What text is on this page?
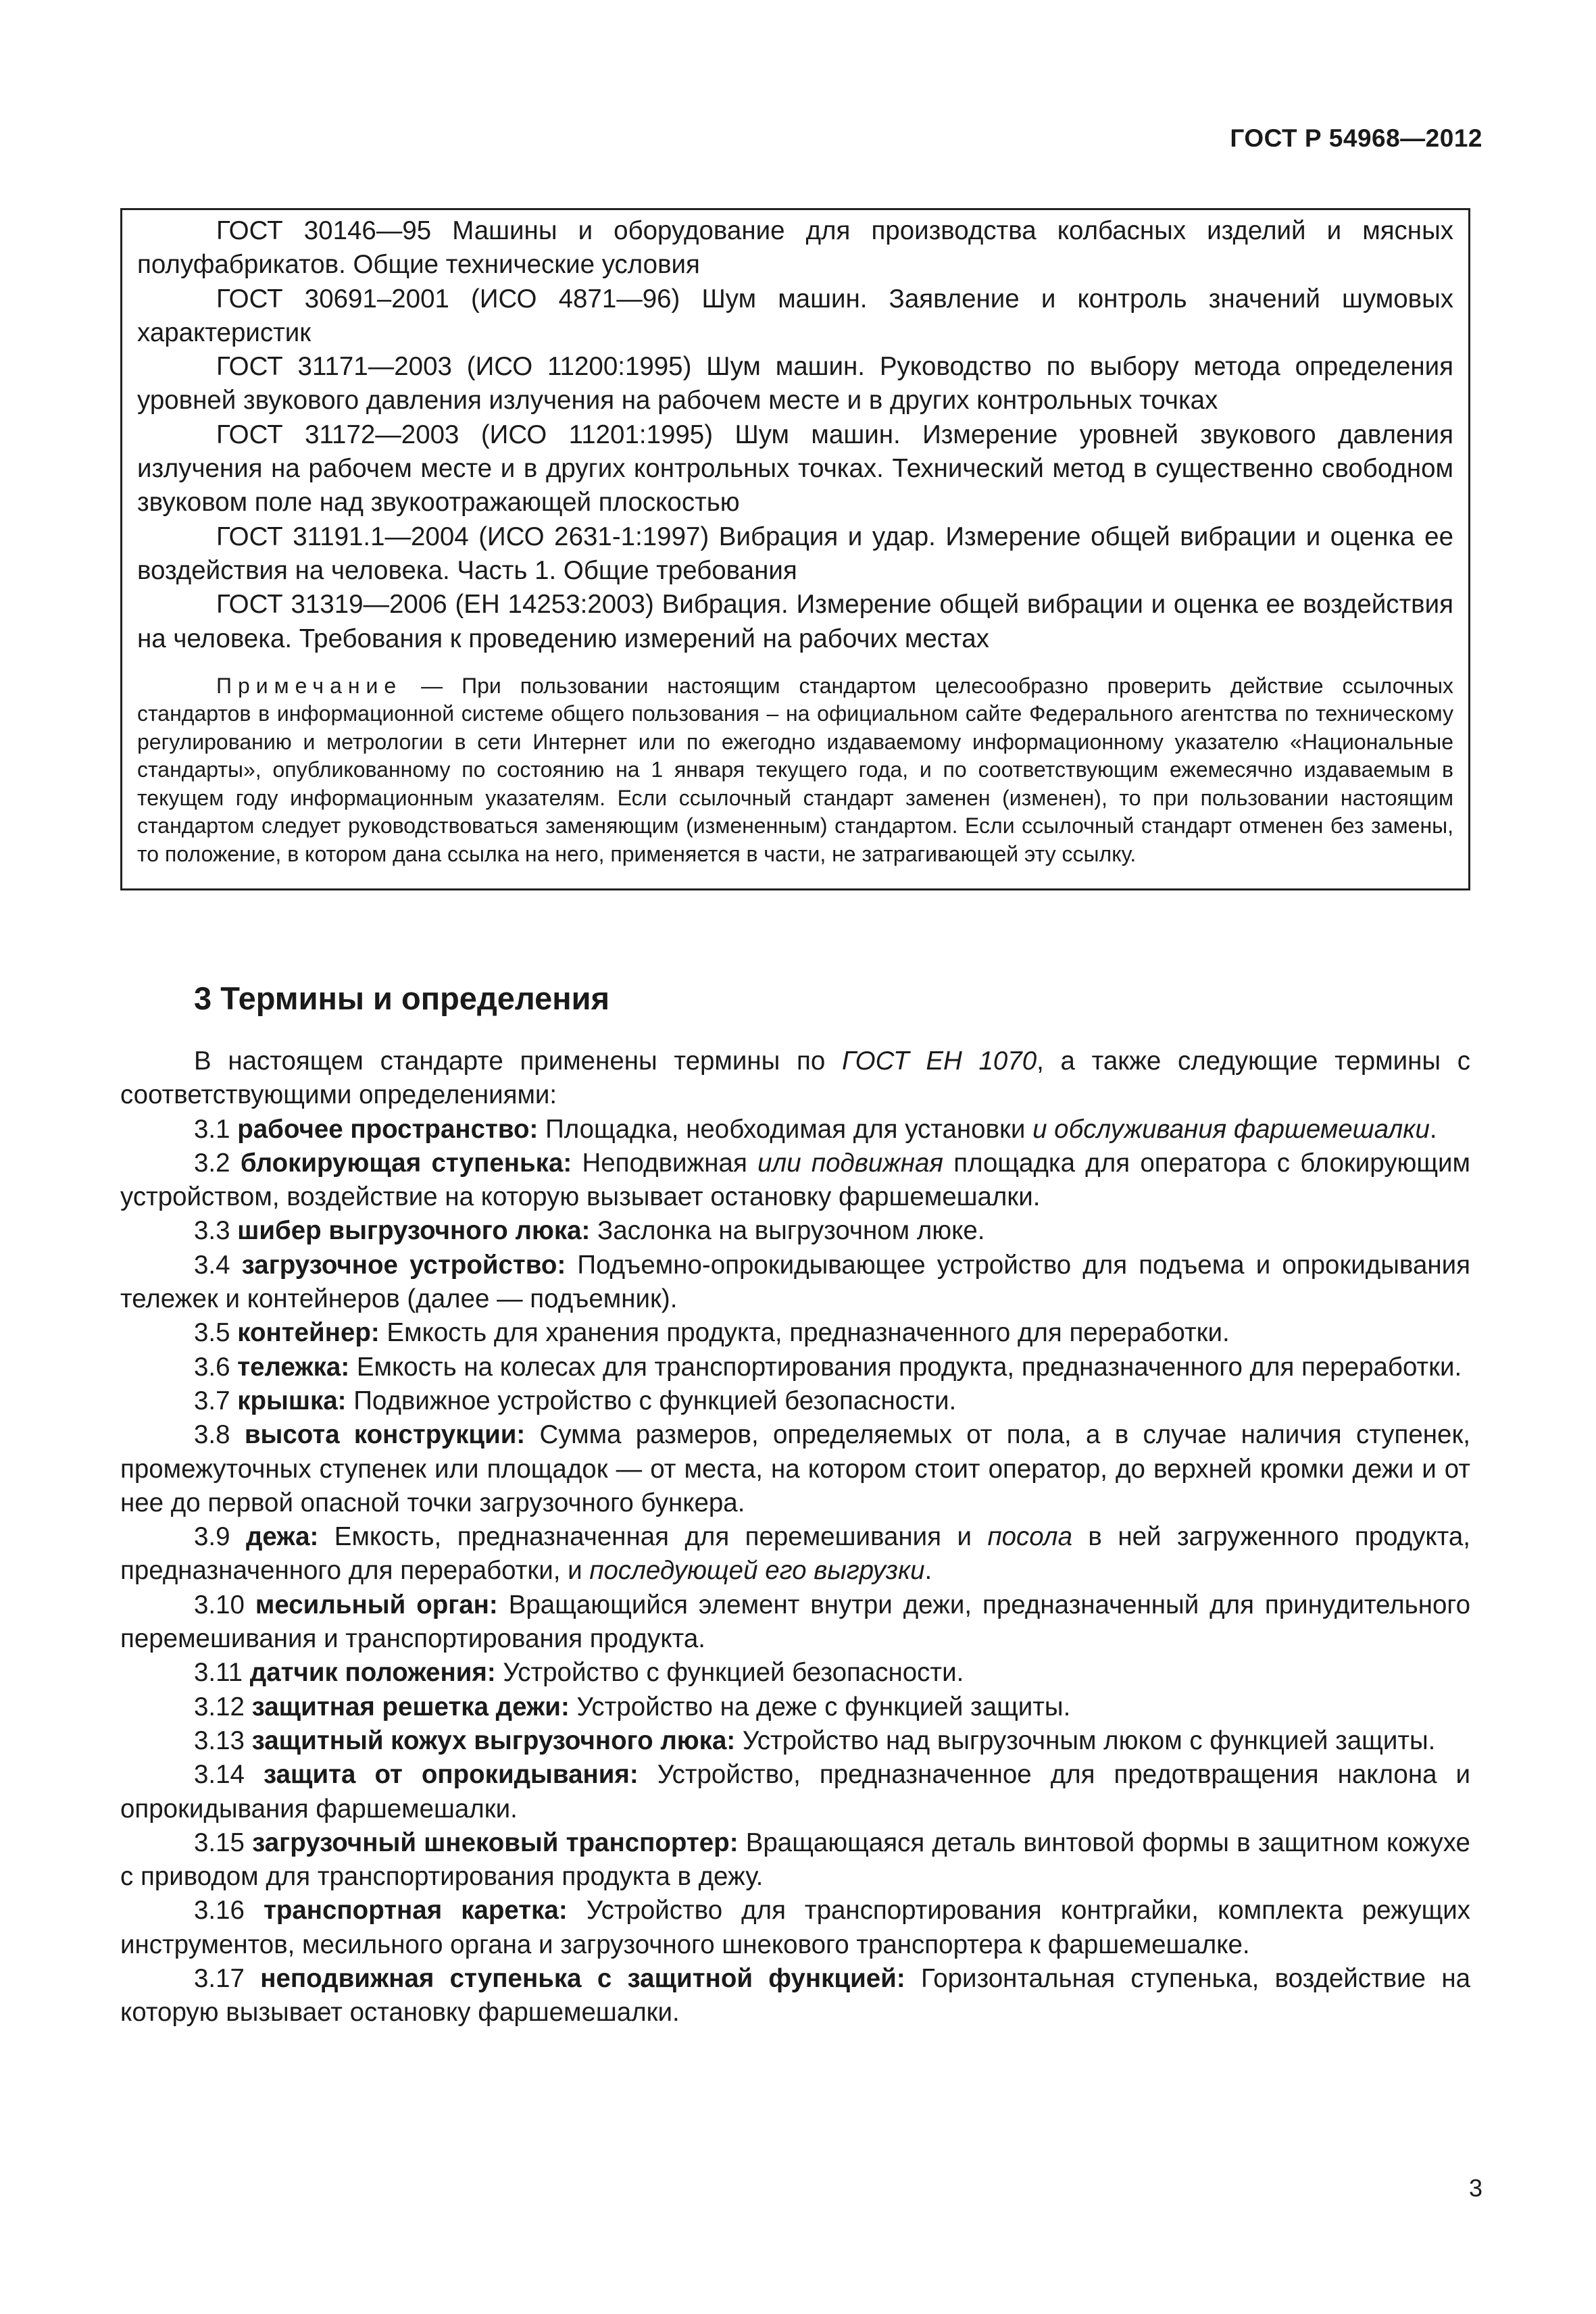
ГОСТ Р 54968—2012

ГОСТ 30146—95 Машины и оборудование для производства колбасных изделий и мясных полуфабрикатов. Общие технические условия

ГОСТ 30691–2001 (ИСО 4871—96) Шум машин. Заявление и контроль значений шумовых характеристик

ГОСТ 31171—2003 (ИСО 11200:1995) Шум машин. Руководство по выбору метода определения уровней звукового давления излучения на рабочем месте и в других контрольных точках

ГОСТ 31172—2003 (ИСО 11201:1995) Шум машин. Измерение уровней звукового давления излучения на рабочем месте и в других контрольных точках. Технический метод в существенно свободном звуковом поле над звукоотражающей плоскостью

ГОСТ 31191.1—2004 (ИСО 2631-1:1997) Вибрация и удар. Измерение общей вибрации и оценка ее воздействия на человека. Часть 1. Общие требования

ГОСТ 31319—2006 (ЕН 14253:2003) Вибрация. Измерение общей вибрации и оценка ее воздействия на человека. Требования к проведению измерений на рабочих местах

Примечание — При пользовании настоящим стандартом целесообразно проверить действие ссылочных стандартов в информационной системе общего пользования – на официальном сайте Федерального агентства по техническому регулированию и метрологии в сети Интернет или по ежегодно издаваемому информационному указателю «Национальные стандарты», опубликованному по состоянию на 1 января текущего года, и по соответствующим ежемесячно издаваемым в текущем году информационным указателям. Если ссылочный стандарт заменен (изменен), то при пользовании настоящим стандартом следует руководствоваться заменяющим (измененным) стандартом. Если ссылочный стандарт отменен без замены, то положение, в котором дана ссылка на него, применяется в части, не затрагивающей эту ссылку.

3 Термины и определения

В настоящем стандарте применены термины по ГОСТ ЕН 1070, а также следующие термины с соответствующими определениями:

3.1 рабочее пространство: Площадка, необходимая для установки и обслуживания фаршемешалки.

3.2 блокирующая ступенька: Неподвижная или подвижная площадка для оператора с блокирующим устройством, воздействие на которую вызывает остановку фаршемешалки.

3.3 шибер выгрузочного люка: Заслонка на выгрузочном люке.

3.4 загрузочное устройство: Подъемно-опрокидывающее устройство для подъема и опрокидывания тележек и контейнеров (далее — подъемник).

3.5 контейнер: Емкость для хранения продукта, предназначенного для переработки.

3.6 тележка: Емкость на колесах для транспортирования продукта, предназначенного для переработки.

3.7 крышка: Подвижное устройство с функцией безопасности.

3.8 высота конструкции: Сумма размеров, определяемых от пола, а в случае наличия ступенек, промежуточных ступенек или площадок — от места, на котором стоит оператор, до верхней кромки дежи и от нее до первой опасной точки загрузочного бункера.

3.9 дежа: Емкость, предназначенная для перемешивания и посола в ней загруженного продукта, предназначенного для переработки, и последующей его выгрузки.

3.10 месильный орган: Вращающийся элемент внутри дежи, предназначенный для принудительного перемешивания и транспортирования продукта.

3.11 датчик положения: Устройство с функцией безопасности.

3.12 защитная решетка дежи: Устройство на деже с функцией защиты.

3.13 защитный кожух выгрузочного люка: Устройство над выгрузочным люком с функцией защиты.

3.14 защита от опрокидывания: Устройство, предназначенное для предотвращения наклона и опрокидывания фаршемешалки.

3.15 загрузочный шнековый транспортер: Вращающаяся деталь винтовой формы в защитном кожухе с приводом для транспортирования продукта в дежу.

3.16 транспортная каретка: Устройство для транспортирования контргайки, комплекта режущих инструментов, месильного органа и загрузочного шнекового транспортера к фаршемешалке.

3.17 неподвижная ступенька с защитной функцией: Горизонтальная ступенька, воздействие на которую вызывает остановку фаршемешалки.

3
